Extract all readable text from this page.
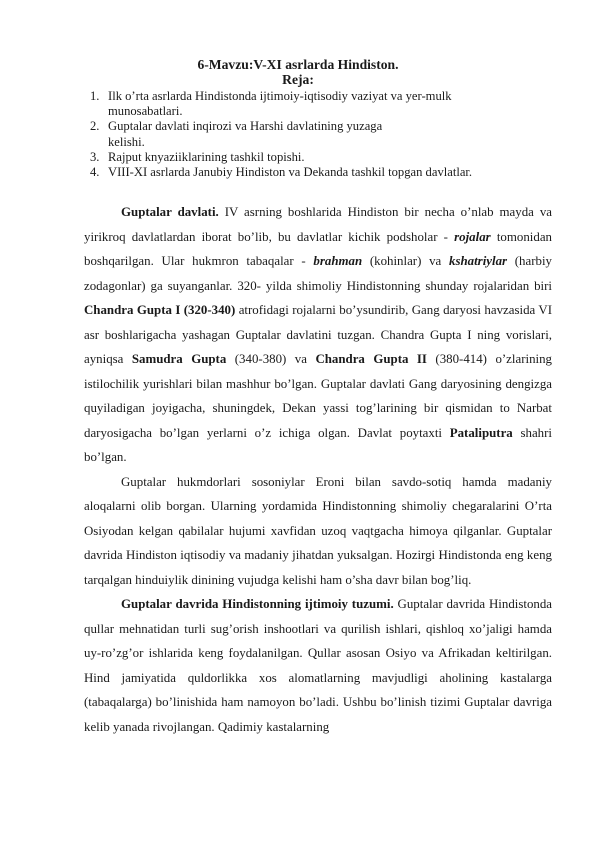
6-Mavzu:V-XI asrlarda Hindiston.
Reja:
1. Ilk o’rta asrlarda Hindistonda ijtimoiy-iqtisodiy vaziyat va yer-mulk munosabatlari.
2. Guptalar davlati inqirozi va Harshi davlatining yuzaga kelishi.
3. Rajput knyaziiklarining tashkil topishi.
4. VIII-XI asrlarda Janubiy Hindiston va Dekanda tashkil topgan davlatlar.

Guptalar davlati. IV asrning boshlarida Hindiston bir necha o’nlab mayda va yirikroq davlatlardan iborat bo’lib, bu davlatlar kichik podsholar - rojalar tomonidan boshqarilgan. Ular hukmron tabaqalar - brahman (kohinlar) va kshatriylar (harbiy zodagonlar) ga suyanganlar. 320- yilda shimoliy Hindistonning shunday rojalaridan biri Chandra Gupta I (320-340) atrofidagi rojalarni bo’ysundirib, Gang daryosi havzasida VI asr boshlarigacha yashagan Guptalar davlatini tuzgan. Chandra Gupta I ning vorislari, ayniqsa Samudra Gupta (340-380) va Chandra Gupta II (380-414) o’zlarining istilochilik yurishlari bilan mashhur bo’lgan. Guptalar davlati Gang daryosining dengizga quyiladigan joyigacha, shuningdek, Dekan yassi tog’larining bir qismidan to Narbat daryosigacha bo’lgan yerlarni o’z ichiga olgan. Davlat poytaxti Pataliputra shahri bo’lgan.

Guptalar hukmdorlari sosoniylar Eroni bilan savdo-sotiq hamda madaniy aloqalarni olib borgan. Ularning yordamida Hindistonning shimoliy chegaralarini O’rta Osiyodan kelgan qabilalar hujumi xavfidan uzoq vaqtgacha himoya qilganlar. Guptalar davrida Hindiston iqtisodiy va madaniy jihatdan yuksalgan. Hozirgi Hindistonda eng keng tarqalgan hinduiylik dinining vujudga kelishi ham o’sha davr bilan bog’liq.

Guptalar davrida Hindistonning ijtimoiy tuzumi. Guptalar davrida Hindistonda qullar mehnatidan turli sug’orish inshootlari va qurilish ishlari, qishloq xo’jaligi hamda uy-ro’zg’or ishlarida keng foydalanilgan. Qullar asosan Osiyo va Afrikadan keltirilgan. Hind jamiyatida quldorlikka xos alomatlarning mavjudligi aholining kastalarga (tabaqalarga) bo’linishida ham namoyon bo’ladi. Ushbu bo’linish tizimi Guptalar davriga kelib yanada rivojlangan. Qadimiy kastalarning
